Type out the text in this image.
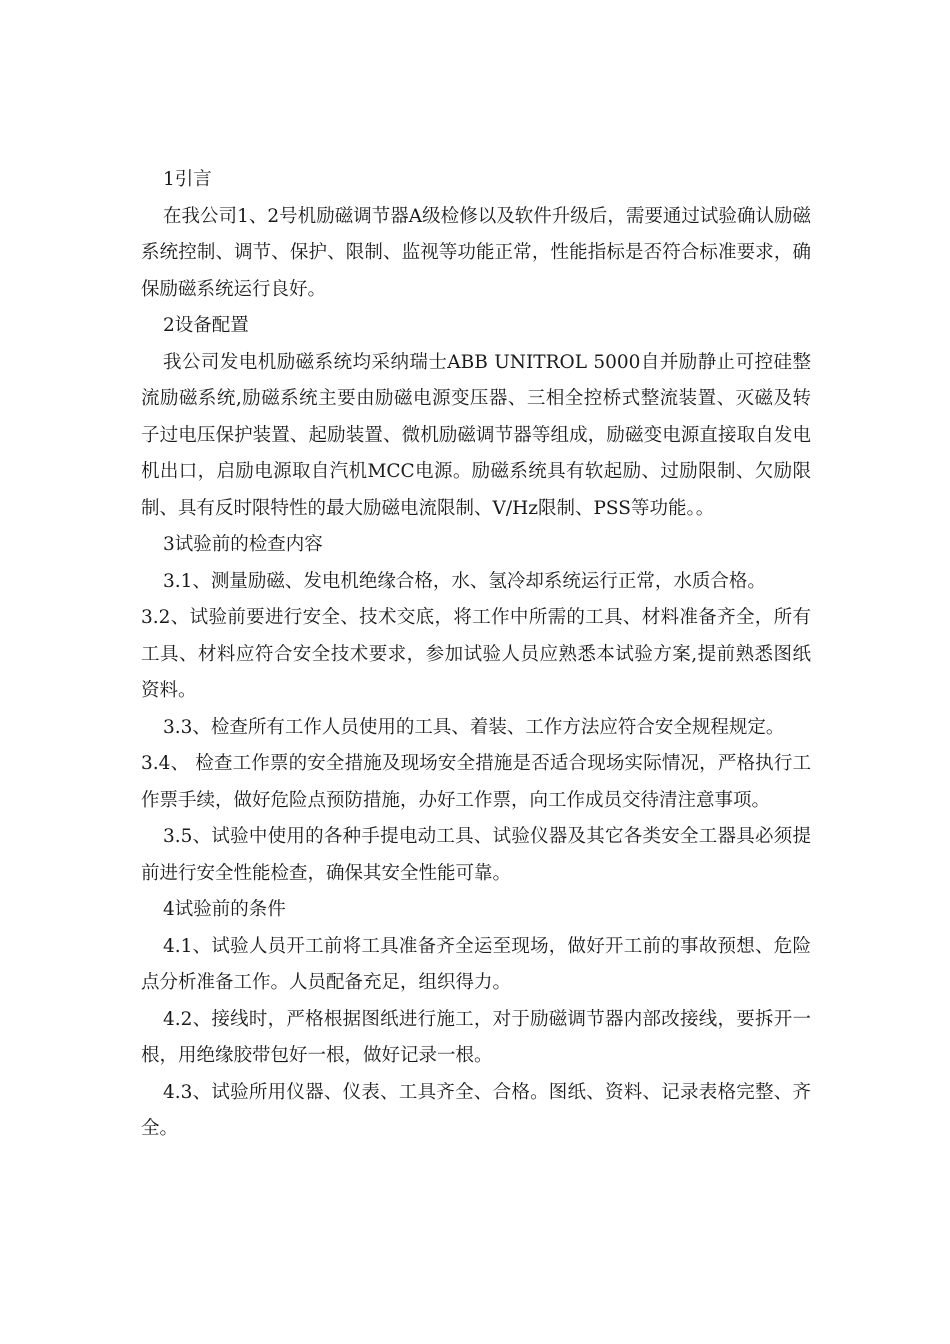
1引言

在我公司1、2号机励磁调节器A级检修以及软件升级后，需要通过试验确认励磁系统控制、调节、保护、限制、监视等功能正常，性能指标是否符合标准要求，确保励磁系统运行良好。

2设备配置

我公司发电机励磁系统均采纳瑞士ABB UNITROL 5000自并励静止可控硅整流励磁系统,励磁系统主要由励磁电源变压器、三相全控桥式整流装置、灭磁及转子过电压保护装置、起励装置、微机励磁调节器等组成，励磁变电源直接取自发电机出口，启励电源取自汽机MCC电源。励磁系统具有软起励、过励限制、欠励限制、具有反时限特性的最大励磁电流限制、V/Hz限制、PSS等功能。。

3试验前的检查内容

3.1、测量励磁、发电机绝缘合格，水、氢冷却系统运行正常，水质合格。

3.2、试验前要进行安全、技术交底，将工作中所需的工具、材料准备齐全，所有工具、材料应符合安全技术要求，参加试验人员应熟悉本试验方案,提前熟悉图纸资料。

3.3、检查所有工作人员使用的工具、着装、工作方法应符合安全规程规定。

3.4、 检查工作票的安全措施及现场安全措施是否适合现场实际情况，严格执行工作票手续，做好危险点预防措施，办好工作票，向工作成员交待清注意事项。

3.5、试验中使用的各种手提电动工具、试验仪器及其它各类安全工器具必须提前进行安全性能检查，确保其安全性能可靠。

4试验前的条件

4.1、试验人员开工前将工具准备齐全运至现场，做好开工前的事故预想、危险点分析准备工作。人员配备充足，组织得力。

4.2、接线时，严格根据图纸进行施工，对于励磁调节器内部改接线，要拆开一根，用绝缘胶带包好一根，做好记录一根。

4.3、试验所用仪器、仪表、工具齐全、合格。图纸、资料、记录表格完整、齐全。
